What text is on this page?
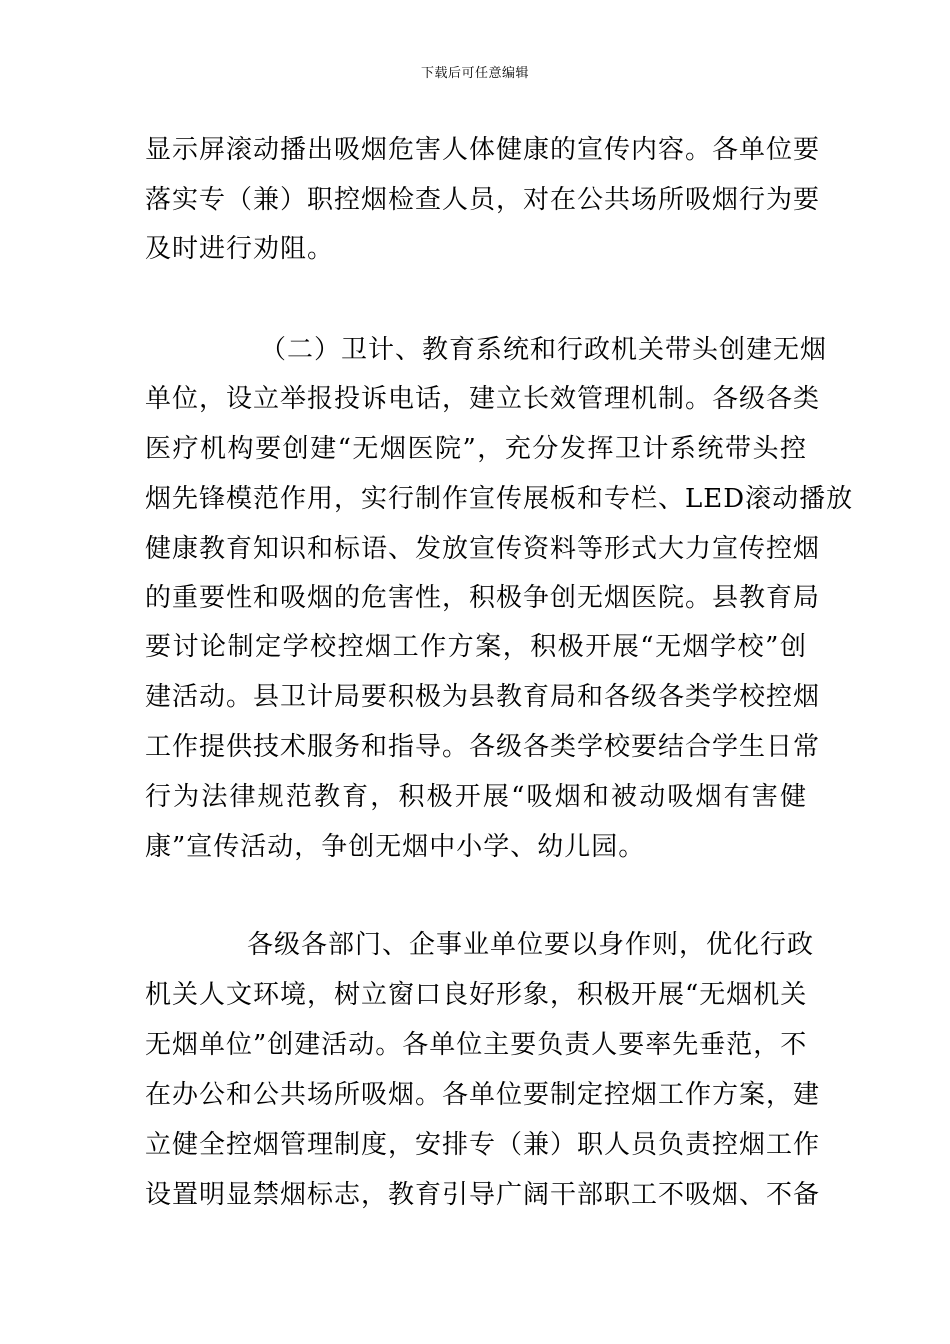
下载后可任意编辑
显示屏滚动播出吸烟危害人体健康的宣传内容。各单位要
落实专（兼）职控烟检查人员，对在公共场所吸烟行为要
及时进行劝阻。
（二）卫计、教育系统和行政机关带头创建无烟
单位，设立举报投诉电话，建立长效管理机制。各级各类
医疗机构要创建“无烟医院”，充分发挥卫计系统带头控
烟先锋模范作用，实行制作宣传展板和专栏、LED滚动播放
健康教育知识和标语、发放宣传资料等形式大力宣传控烟
的重要性和吸烟的危害性，积极争创无烟医院。县教育局
要讨论制定学校控烟工作方案，积极开展“无烟学校”创
建活动。县卫计局要积极为县教育局和各级各类学校控烟
工作提供技术服务和指导。各级各类学校要结合学生日常
行为法律规范教育，积极开展“吸烟和被动吸烟有害健
康”宣传活动，争创无烟中小学、幼儿园。
各级各部门、企事业单位要以身作则，优化行政
机关人文环境，树立窗口良好形象，积极开展“无烟机关
无烟单位”创建活动。各单位主要负责人要率先垂范，不
在办公和公共场所吸烟。各单位要制定控烟工作方案，建
立健全控烟管理制度，安排专（兼）职人员负责控烟工作
设置明显禁烟标志，教育引导广阔干部职工不吸烟、不备
